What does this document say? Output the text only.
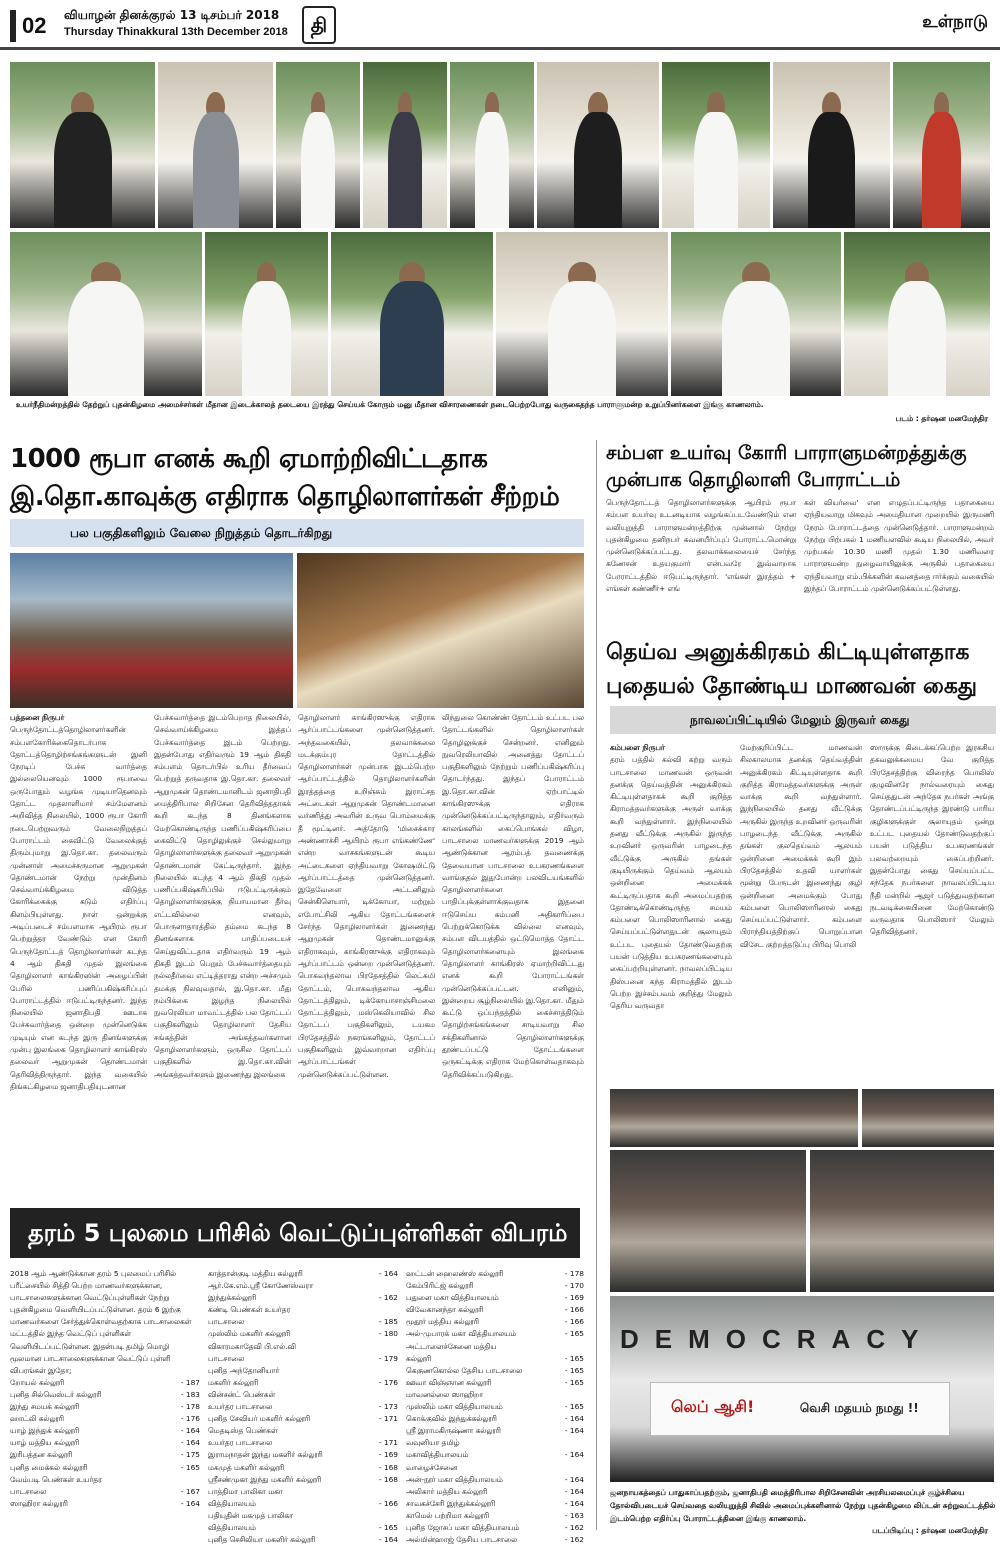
02	வியாழன் தினக்குரல் 13 டிசம்பர் 2018
Thursday Thinakkural 13th December 2018	தி	உள்நாடு
உயர்நீதிமன்றத்தில் தேற்றுப் புதன்கிழமை அமைச்சர்கள் மீதான இடைக்காலத் தடையை இரத்து செய்யக் கோரும் மனு மீதான விசாரணைகள் நடைபெற்றபோது வருகைதந்த பாராளுமன்ற உறுப்பினர்களை இங்கு காணலாம்.
படம் : தர்ஷன மனமேந்திர
1000 ரூபா எனக் கூறி ஏமாற்றிவிட்டதாக
இ.தொ.காவுக்கு எதிராக தொழிலாளர்கள் சீற்றம்
பல பகுதிகளிலும் வேலை நிறுத்தம் தொடர்கிறது
பத்தனை நிருபர்
பெருந்தோட்டத்தொழிலாளர்களின் சம்பளகோரிக்கைதொடர்பாக தோட்டத்தொழிற்சங்கங்களுடன் இனி நேரடிப் பேச்சு வார்த்தை இல்லையெனவும் 1000 ரூபாவை ஒருபோதும் வழங்க முடியாதெனவும் தோட்ட முதலாளிமார் சம்மேளனம் அறிவித்த நிலையில், 1000 ரூபா கோரி நடைபெற்றுவரும் வேலைநிறுத்தப் போராட்டம் கைவிட்டு வேலைக்குத் திரும்புமாறு இ.தொ.கா. தலைவரும் முன்னாள் அமைச்சருமான ஆறுமுகன் தொண்டமான் நேற்று முன்தினம் செவ்வாய்க்கிழமை விடுத்த கோரிக்கைக்கு கடும் எதிர்ப்பு கிளம்பியுள்ளது. நாள் ஒன்றுக்கு அடிப்படைச் சம்பளமாக ஆயிரம் ரூபா பெற்றுத்தர வேண்டும் என கோரி பெருந்தோட்டத் தொழிலாளர்கள் கடந்த 4 ஆம் திகதி முதல் இலங்கை தொழிலாளர் காங்கிரஸின் அழைப்பின் பேரில் பணிப்பகிஷ்கரிப்புப் போராட்டத்தில் ஈடுபட்டிருந்தனர். இந்த நிலையில் ஜனாதிபதி ஊடாக பேச்சுவார்த்தை ஒன்றை முன்னெடுக்க முடியும் என கடந்த இரு தினங்களுக்கு முன்பு இலங்கை தொழிலாளர் காங்கிரஸ் தலைவர் ஆறுமுகன் தொண்டமான் தெரிவித்திருந்தார். இந்த வகையில் திங்கட்கிழமை ஜனாதிபதியுடனான
பேச்சுவார்த்தை இடம்பெறாத நிலையில், செவ்வாய்க்கிழமை இத்தப் பேச்சுவார்த்தை இடம் பெற்றது. இதன்போது எதிர்வரும் 19 ஆம் திகதி சம்பளம் தொடர்பில் உரிய தீர்வைப் பெற்றுத் தருவதாக இ.தொ.கா. தலைவர் ஆறுமுகன் தொண்டமானிடம் ஜனாதிபதி மைத்திரிபால சிறிசேன தெரிவித்ததாகக் கூறி கடந்த 8 தினங்களாக மேற்கொண்டிருந்த பணிப்பகிஷ்கரிப்பை கைவிட்டு தொழிலுக்குச் செல்லுமாறு தொழிலாளர்களுக்கு தலைவர் ஆறுமுகன் தொண்டமான் கேட்டிருந்தார். இந்த நிலையில் கடந்த 4 ஆம் திகதி முதல் பணிப்பகிஷ்கரிப்பில் ஈடுபட்டிருக்கும் தொழிலாளர்களுக்கு நியாயமான தீர்வு எட்டவில்லை எனவும், பொருளாதாரத்தில் தம்மை கடந்த 8 தினங்களாக பாதிப்படையச் செய்துவிட்டதாக எதிர்வரும் 19 ஆம் திகதி இடம் பெறும் பேச்சுவார்த்தையும் நல்லதீர்வை எட்டித்தராது என்ற அச்சமும் தமக்கு நிலவுவதால், இ.தொ.கா. மீது நம்பிக்கை இழந்த நிலையில் நுவரெலியா மாவட்டத்தில் பல தோட்டப் பகுதிகளிலும் தொழிலாளர் தேசிய சங்கத்தின் அங்கத்தவர்களான தொழிலாளர்களும், ஒருசில தோட்டப் பகுதிகளில் இ.தொ.கா.வின் அங்கத்தவர்களும் இணைந்து இலங்கை
தொழிலாளர் காங்கிரஸுக்கு எதிராக ஆர்ப்பாட்டங்களை முன்னெடுத்தனர். அந்தவகையில், தலவாக்கலை மடக்கும்புர தோட்டத்தில் தொழிலாளர்கள் முன்பாக இடம்பெற்ற ஆர்ப்பாட்டத்தில் தொழிலாளர்களின் இரத்தத்தை உறிஞ்சும் இராட்சத அட்டைகள் ஆறுமுகன் தொண்டமானை வர்ணித்து அவரின் உருவ பொம்மைக்கு தீ மூட்டினர். அத்தோடு 'மிசைக்கார அண்ணாச்சி ஆயிரம் ரூபா எங்கண்ணே' என்ற வாசகங்களுடன் கூடிய அட்டைகளை ஏந்தியவாறு கோஷமிட்டு ஆர்ப்பாட்டத்தை முன்னெடுத்தனர். இதேவேளை அட்டனிலும் சென்கிளெயார், டிக்கோயா, மற்றும் எபோட்சிலி ஆகிய தோட்டங்களைச் சேர்ந்த தொழிலாளர்கள் இணைந்து ஆறுமுகன் தொண்டமானுக்கு எதிராகவும், காங்கிரஸுக்கு எதிராகவும் ஆர்ப்பாட்டம் ஒன்றை முன்னெடுத்தனர். பொகவந்தலாவ பிரதேசத்தில் லெட்சுமி தோட்டம், பொகவந்தலாவ ஆகிய தோட்டத்திலும், டிக்கோயாசாஞ்சிமலை தோட்டத்திலும், மஸ்கெலியாவில் சில தோட்டப் பகுதிகளிலும், டயகம பிரதேசத்தில் நகரங்களிலும், தோட்டப் பகுதிகளிலும் இவ்வாறான எதிர்ப்பு ஆர்ப்பாட்டங்கள் முன்னெடுக்கப்பட்டுள்ளன.
லிந்துலை கொண்ண் தோட்டம் உட்பட பல தோட்டங்களில் தொழிலாளர்கள் தொழிலுக்குச் சென்றனர். எனினும் நுவரெலியாவில் அனைத்து தோட்டப் பகுதிகளிலும் நேற்றும் பணிப்பகிஷ்கரிப்பு தொடர்ந்தது. இந்தப் போராட்டம் இ.தொ.கா.வின் ஏற்பாட்டில் காங்கிரஸுக்கு எதிராக முன்னெடுக்கப்பட்டிருந்தாலும், எதிர்வரும் காலங்களில் கைப்பொங்கல் விழா, பாடசாலை மாணவர்களுக்கு 2019 ஆம் ஆண்டுக்கான ஆரம்பத் தவணைக்கு தேவையான பாடசாலை உபகரணங்களை வாங்குதல் இதுபோன்ற பலவிடயங்களில் தொழிலாளர்களை பாதிப்புக்குள்ளாக்குவதாக இதனை ஈடுசெய்ய கம்பனி அதிகாரிப்பை பெற்றுக்கொடுக்க வில்லை எனவும், சம்பள விடயத்தில் ஒட்டுமொத்த தோட்ட தொழிலாளர்களையும் இலங்கை தொழிலாளர் காங்கிரஸ் ஏமாற்றிவிட்டது எனக் கூறி போராட்டங்கள் முன்னெடுக்கப்பட்டன. எனினும், இன்றைய சூழ்நிலையில் இ.தொ.கா. மீதும் கூட்டு ஒப்பந்தத்தில் கைச்சாத்திடும் தொழிற்சங்கங்களை சாடியவாறு சில சக்திகளினால் தொழிலாளர்களுக்கு தூண்டப்பட்டு தோட்டங்களை ஒருகட்டிக்கு எதிராக மேற்கொள்வதாகவும் தெரிவிக்கப்படுகிறது.
சம்பள உயர்வு கோரி பாராளுமன்றத்துக்கு
முன்பாக தொழிலாளி போராட்டம்
பெருந்தோட்டத் தொழிலாளர்களுக்கு ஆயிரம் ரூபா சம்பள உயர்வு உடனடியாக வழங்கப்படவேண்டும் என வலியுறுத்தி பாராளுமன்றத்திற்கு முன்னால் நேற்று புதன்கிழமை தனிநபர் கவனயீர்ப்புப் போராட்டமொன்று முன்னெடுக்கப்பட்டது. தலவாக்கலையைச் சேர்ந்த கணேசன் உதயகுமார் என்பவரே இவ்வாறாக போராட்டத்தில் ஈடுபட்டிருந்தார். 'எங்கள் இரத்தம் + எங்கள் கண்ணீர்+ எங்
கள் வியர்வை' என எழுதப்பட்டிருந்த பதாகையை ஏந்தியவாறு மிகவும் அமைதியான முறையில் இருமணி நேரம் போராட்டத்தை முன்னெடுத்தார். பாராளுமன்றம் நேற்று பிற்பகல் 1 மணியளவில் கூடிய நிலையில், அவர் முற்பகல் 10.30 மணி முதல் 1.30 மணிவரை பாராளுமன்ற நுழைவாயிலுக்கு அருகில் பதாகையை ஏந்தியவாறு எம்.பிக்களின் கவனத்தை ஈர்க்கும் வகையில் இந்தப் போராட்டம் முன்னெடுக்கப்பட்டுள்ளது.
தெய்வ அனுக்கிரகம் கிட்டியுள்ளதாக
புதையல் தோண்டிய மாணவன் கைது
நாவலப்பிட்டியில் மேலும் இருவர் கைது
கம்பளை நிருபர்
தரம் பத்தில் கல்வி கற்று வரும் பாடசாலை மாணவன் ஒருவன் தனக்கு தெய்வத்தின் அனுக்கிரகம் கிட்டியுள்ளதாகக் கூறி குறித்த கிராமத்தவர்களுக்கு அருள் வாக்கு கூறி வந்துள்ளார். இந்நிலையில் தனது வீட்டுக்கு அருகில் இருந்த உறவினர் ஒருவரின் பாழடைந்த வீட்டுக்கு அருகில் தங்கள் குடியிருக்கும் தெய்வம் ஆலயம் ஒன்றினை அமைக்கக் கூட்டிருப்பதாக கூறி அமைப்பதற்கு தோண்டிக்கொண்டிருந்த சமயம் கம்பளை பொலிஸாரினால் கைது செய்யப்பட்டுள்ளதுடன் சூலாயுதம் உட்பட புதையல் தோண்டுவதற்கு பயன் படுத்திய உபகரணங்களையும் கைப்பற்றியுள்ளனர். நாவலப்பிட்டிய திஸ்பனை கந்த கிராமத்தில் இடம் பெற்ற இச்சம்பவம் குறித்து மேலும் தெரிய வருவதா
மேற்குறிப்பிட்ட மாணவன் சிலகாலமாக தனக்கு தெய்வத்தின் அனுக்கிரகம் கிட்டியுள்ளதாக கூறி குறித்த கிராமத்தவர்களுக்கு அருள் வாக்கு கூறி வந்துள்ளார். இந்நிலையில் தனது வீட்டுக்கு அருகில் இருந்த உறவினர் ஒருவரின் பாழடைந்த வீட்டுக்கு அருகில் தங்கள் குலதெய்வம் ஆலயம் ஒன்றினை அமைக்கக் கூறி இம் பிரதேசத்தில் உதவி யாளர்கள் மூன்று பேருடன் இணைந்து குழி ஒன்றினை அமைக்கும் போது கம்பளை பொலிஸாரினால் கைது செய்யப்பட்டுள்ளார். கம்பளை பிராந்தியத்திற்குப் பொறுப்பான விசேட குற்றத்தடுப்பு பிரிவு பொலி
ஸாருக்கு கிடைக்கப்பெற்ற இரகசிய தகவலுக்கமைய வே குறித்த பிரதேசத்திற்கு விரைந்த பொலிஸ் குழுவினரே நால்வரையும் கைது செய்ததுடன் அந்தேக நபர்கள் அங்கு தோண்டப்பட்டிருந்த இரண்டு பாரிய குழிகளுக்குள் சூலாயுதம் ஒன்று உட்பட புதையல் தோண்டுவதற்குப் பயன் படுத்திய உபகரணங்கள் பலவற்றையும் கைப்பற்றினர். இதன்போது கைது செய்யப்பட்ட சந்தேக நபர்களை நாவலப்பிட்டிய நீதி மன்றில் ஆஜர் படுத்துவதற்கான நடவடிக்கையினை மேற்கொண்டு வருவதாக பொலிஸார் மேலும் தெரிவித்தனர்.
DEMOCRACY
லெப் ஆசி!	வெசி மதயம் நமது !!
ஜனநாயகத்தைப் பாதுகாப்பதற்கும், ஜனாதிபதி மைத்திரிபால சிறிசேனவின் அரசியலமைப்புச் சூழ்ச்சியை தோல்விபடையச் செய்வதை வலியுறுத்தி சிவில் அமைப்புக்களினால் நேற்று புதன்கிழமை லிப்டன் சுற்றுவட்டத்தில் இடம்பெற்ற எதிர்ப்பு போராட்டத்தினை இங்கு காணலாம்.
படப்பிடிப்பு : தர்ஷன மனமேந்திர
தரம் 5 புலமை பரிசில் வெட்டுப்புள்ளிகள் விபரம்
2018 ஆம் ஆண்டுக்கான தரம் 5 புலமைப் பரிசில் பரீட்சையில் சித்தி பெற்ற மாணவர்களுக்கான, பாடசாலைகளுக்கான வெட்டுப்புள்ளிகள் நேற்று புதன்கிழமை வெளியிடப்பட்டுள்ளன. தரம் 6 இற்கு மாணவர்களை சேர்த்துக்கொள்வதற்காக பாடசாலைகள் மட்டத்தில் இந்த வெட்டுப் புள்ளிகள் வெளியிடப்பட்டுள்ளன. இதன்படி தமிழ் மொழி மூலமான பாடசாலைகளுக்கான வெட்டுப் புள்ளி விபரங்கள் இதோ;
றோயல் கல்லூரி	- 187
புனித சில்வெஸ்டர் கல்லூரி	- 183
இந்து சமயக் கல்லூரி	- 178
ஹாட்லி கல்லூரி	- 176
யாழ் இந்துக் கல்லூரி	- 164
யாழ் மத்திய கல்லூரி	- 164
இரிபத்தன கல்லூரி	- 175
புனித மைக்கல் கல்லூரி	- 165
வேம்படி பெண்கள் உயர்தர
பாடசாலை	- 167
ஸாஹிரா கல்லூரி	- 164
காத்தான்குடி மத்திய கல்லூரி	- 164
ஆர்.கே.எம்.ஸ்ரீ கோணேஸ்வரா
இந்துக்கல்லூரி	- 162
கண்டி பெண்கள் உயர்தர
பாடசாலை	- 185
முஸ்லிம் மகளிர் கல்லூரி	- 180
விகாரமகாதேவி பி.எல்.வி
பாடசாலை	- 179
புனித அந்தோனியார்
மகளிர் கல்லூரி	- 176
வின்சன்ட் பெண்கள்
உயர்தர பாடசாலை	- 173
புனித சேவியர் மகளிர் கல்லூரி	- 171
மெதடிஸ்த பெண்கள்
உயர்தர பாடசாலை	- 171
இராமநாதன் இந்து மகளிர் கல்லூரி	- 169
மகமுத் மகளிர் கல்லூரி	- 168
ஸ்ரீசண்முகா இந்து மகளிர் கல்லூரி	- 168
பாத்திமா பாலிகா மகா
வித்தியாலயம்	- 166
பதியுதின் மகமுத் பாலிகா
வித்தியாலயம்	- 165
புனித செசிலியா மகளிர் கல்லூரி	- 164
ஹட்டன் ஹைலண்ஸ் கல்லூரி	- 178
கேம்பிரிட்ஜ் கல்லூரி	- 170
பதுளை மகா வித்தியாலயம்	- 169
விவேகானந்தா கல்லூரி	- 166
மூதூர் மத்திய கல்லூரி	- 166
அல்-முபாரக் மகா வித்தியாலயம்	- 165
அட்டாளைச்சேனை மத்திய
கல்லூரி	- 165
கெகுணகொல்ல தேசிய பாடசாலை	- 165
ஊவா விஞ்ஞான கல்லூரி	- 165
மாவனல்லை ஸாஹிறா
முஸ்லிம் மகா வித்தியாலயம்	- 165
கொக்குவில் இந்துக்கல்லூரி	- 164
ஸ்ரீ இராமகிருஷ்ணா கல்லூரி	- 164
வவுனியா தமிழ்
மகாவித்தியாலயம்	- 164
வாழைச்சேனை
அன்-நூர் மகா வித்தியாலயம்	- 164
அலிகார் மத்திய கல்லூரி	- 164
சாவகச்சேரி இந்துக்கல்லூரி	- 164
காமெல் பற்றிமா கல்லூரி	- 163
புனித ஜோசப் மகா வித்தியாலயம்	- 162
அல்மின்ஹாஜ் தேசிய பாடசாலை	- 162
